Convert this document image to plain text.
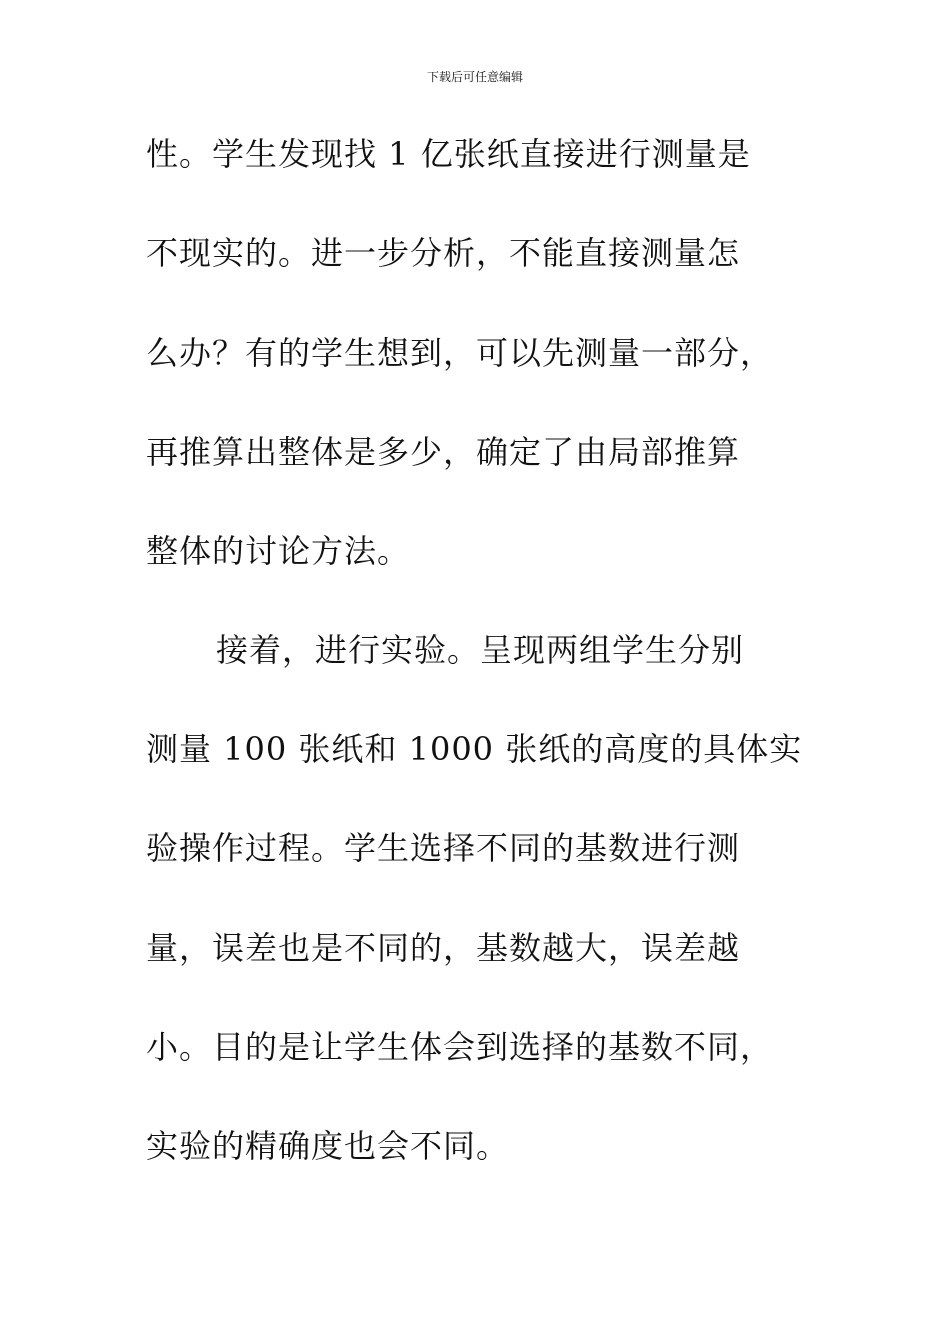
下载后可任意编辑
性。学生发现找 1 亿张纸直接进行测量是
不现实的。进一步分析，不能直接测量怎
么办？有的学生想到，可以先测量一部分，
再推算出整体是多少，确定了由局部推算
整体的讨论方法。
接着，进行实验。呈现两组学生分别
测量 100 张纸和 1000 张纸的高度的具体实
验操作过程。学生选择不同的基数进行测
量，误差也是不同的，基数越大，误差越
小。目的是让学生体会到选择的基数不同，
实验的精确度也会不同。
